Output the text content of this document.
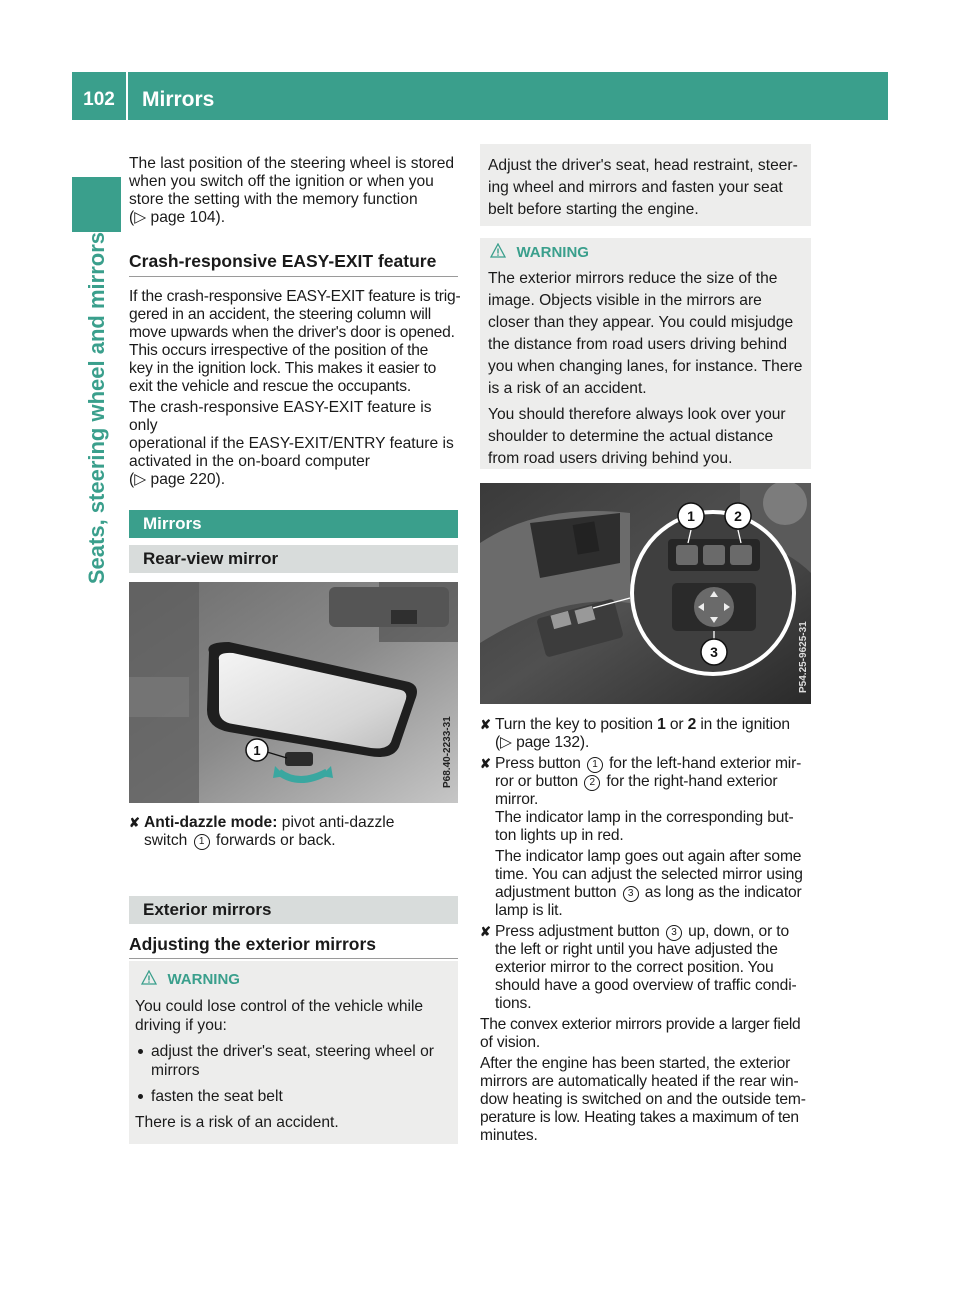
102	Mirrors
Seats, steering wheel and mirrors

The last position of the steering wheel is stored

when you switch off the ignition or when you

store the setting with the memory function

(▷ page 104).

Crash-responsive EASY-EXIT feature

If the crash-responsive EASY-EXIT feature is trig-

gered in an accident, the steering column will

move upwards when the driver's door is opened.

This occurs irrespective of the position of the

key in the ignition lock. This makes it easier to

exit the vehicle and rescue the occupants.

The crash-responsive EASY-EXIT feature is only

operational if the EASY-EXIT/ENTRY feature is

activated in the on-board computer

(▷ page 220).

Mirrors
Rear-view mirror
1	P68.40-2233-31

✘ Anti-dazzle mode: pivot anti-dazzle

switch 1 forwards or back.

Exterior mirrors
Adjusting the exterior mirrors
WARNING

You could lose control of the vehicle while

driving if you:

adjust the driver's seat, steering wheel or

mirrors

fasten the seat belt

There is a risk of an accident.

Adjust the driver's seat, head restraint, steer-

ing wheel and mirrors and fasten your seat

belt before starting the engine.

WARNING

The exterior mirrors reduce the size of the

image. Objects visible in the mirrors are

closer than they appear. You could misjudge

the distance from road users driving behind

you when changing lanes, for instance. There

is a risk of an accident.

You should therefore always look over your

shoulder to determine the actual distance

from road users driving behind you.

1	2
3	P54.25-9625-31

✘ Turn the key to position 1 or 2 in the ignition

(▷ page 132).

✘ Press button 1 for the left-hand exterior mir-

ror or button 2 for the right-hand exterior

mirror.

The indicator lamp in the corresponding but-

ton lights up in red.

The indicator lamp goes out again after some

time. You can adjust the selected mirror using

adjustment button 3 as long as the indicator

lamp is lit.

✘ Press adjustment button 3 up, down, or to

the left or right until you have adjusted the

exterior mirror to the correct position. You

should have a good overview of traffic condi-

tions.

The convex exterior mirrors provide a larger field

of vision.

After the engine has been started, the exterior

mirrors are automatically heated if the rear win-

dow heating is switched on and the outside tem-

perature is low. Heating takes a maximum of ten

minutes.
